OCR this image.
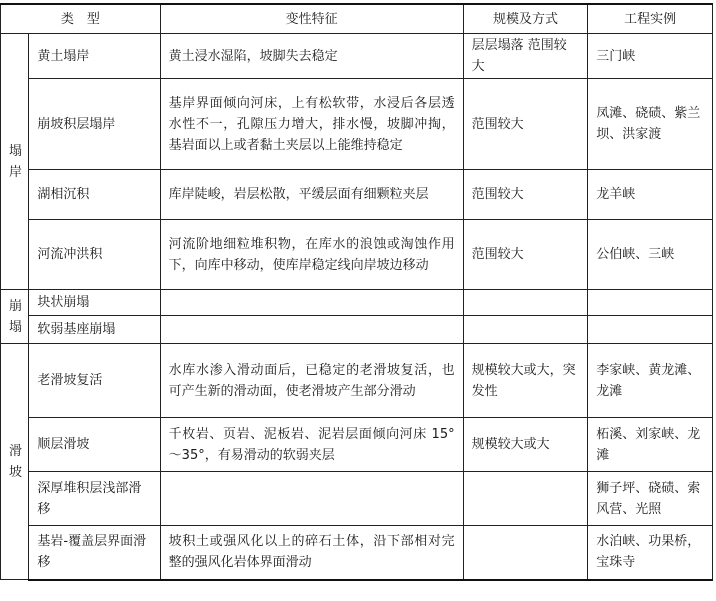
类　型		变性特征	规模及方式	工程实例
塌岸	黄土塌岸	黄土浸水湿陷，坡脚失去稳定	层层塌落 范围较大	三门峡
	崩坡积层塌岸	基岸界面倾向河床，上有松软带，水浸后各层透水性不一，孔隙压力增大，排水慢，坡脚冲掏，基岩面以上或者黏土夹层以上能维持稳定	范围较大	凤滩、硗碛、紫兰坝、洪家渡
	湖相沉积	库岸陡峻，岩层松散，平缓层面有细颗粒夹层	范围较大	龙羊峡
	河流冲洪积	河流阶地细粒堆积物，在库水的浪蚀或淘蚀作用下，向库中移动，使库岸稳定线向岸坡边移动	范围较大	公伯峡、三峡
崩塌	块状崩塌			
	软弱基座崩塌			
滑坡	老滑坡复活	水库水渗入滑动面后，已稳定的老滑坡复活，也可产生新的滑动面，使老滑坡产生部分滑动	规模较大或大，突发性	李家峡、黄龙滩、龙滩
	顺层滑坡	千枚岩、页岩、泥板岩、泥岩层面倾向河床 15°～35°，有易滑动的软弱夹层	规模较大或大	柘溪、刘家峡、龙滩
	深厚堆积层浅部滑移			狮子坪、硗碛、索风营、光照
	基岩-覆盖层界面滑移	坡积土或强风化以上的碎石土体，沿下部相对完整的强风化岩体界面滑动		水泊峡、功果桥，宝珠寺
